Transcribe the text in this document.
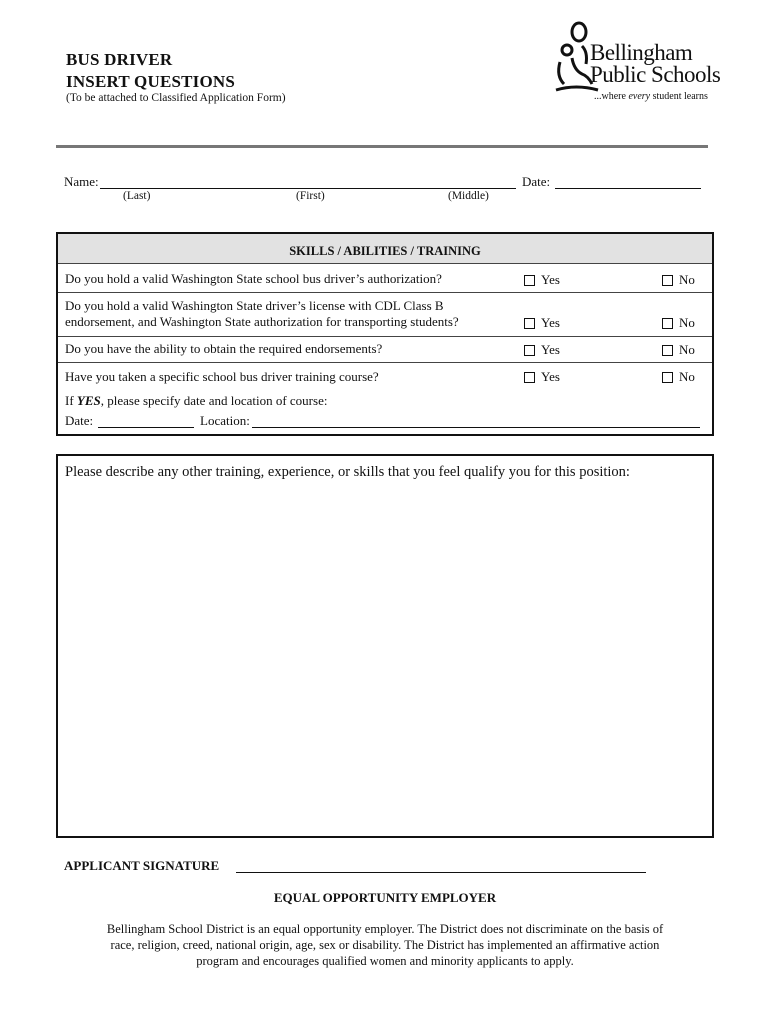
BUS DRIVER
INSERT QUESTIONS
(To be attached to Classified Application Form)
Bellingham
Public Schools
...where every student learns
Name:
(Last)	(First)	(Middle)
Date:
SKILLS / ABILITIES / TRAINING
Do you hold a valid Washington State school bus driver’s authorization?	Yes	No
Do you hold a valid Washington State driver’s license with CDL Class B
endorsement, and Washington State authorization for transporting students?	Yes	No
Do you have the ability to obtain the required endorsements?	Yes	No
Have you taken a specific school bus driver training course?	Yes	No
If YES, please specify date and location of course:
Date:	Location:
Please describe any other training, experience, or skills that you feel qualify you for this position:
APPLICANT SIGNATURE
EQUAL OPPORTUNITY EMPLOYER
Bellingham School District is an equal opportunity employer. The District does not discriminate on the basis of
race, religion, creed, national origin, age, sex or disability. The District has implemented an affirmative action
program and encourages qualified women and minority applicants to apply.
